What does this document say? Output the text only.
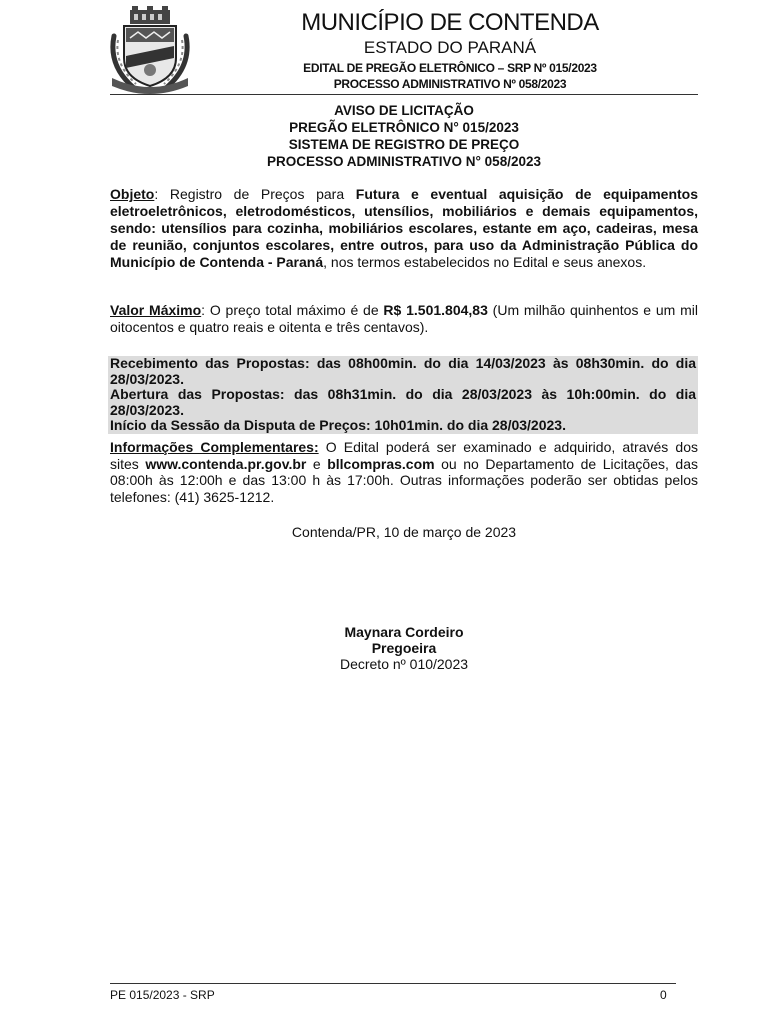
MUNICÍPIO DE CONTENDA
ESTADO DO PARANÁ
EDITAL DE PREGÃO ELETRÔNICO – SRP Nº 015/2023
PROCESSO ADMINISTRATIVO Nº 058/2023
AVISO DE LICITAÇÃO
PREGÃO ELETRÔNICO N° 015/2023
SISTEMA DE REGISTRO DE PREÇO
PROCESSO ADMINISTRATIVO N° 058/2023
Objeto: Registro de Preços para Futura e eventual aquisição de equipamentos eletroeletrônicos, eletrodomésticos, utensílios, mobiliários e demais equipamentos, sendo: utensílios para cozinha, mobiliários escolares, estante em aço, cadeiras, mesa de reunião, conjuntos escolares, entre outros, para uso da Administração Pública do Município de Contenda - Paraná, nos termos estabelecidos no Edital e seus anexos.
Valor Máximo: O preço total máximo é de R$ 1.501.804,83 (Um milhão quinhentos e um mil oitocentos e quatro reais e oitenta e três centavos).
Recebimento das Propostas: das 08h00min. do dia 14/03/2023 às 08h30min. do dia 28/03/2023.
Abertura das Propostas: das 08h31min. do dia 28/03/2023 às 10h:00min. do dia 28/03/2023.
Início da Sessão da Disputa de Preços: 10h01min. do dia 28/03/2023.
Informações Complementares: O Edital poderá ser examinado e adquirido, através dos sites www.contenda.pr.gov.br e bllcompras.com ou no Departamento de Licitações, das 08:00h às 12:00h e das 13:00 h às 17:00h. Outras informações poderão ser obtidas pelos telefones: (41) 3625-1212.
Contenda/PR, 10 de março de 2023
Maynara Cordeiro
Pregoeira
Decreto nº 010/2023
PE 015/2023 - SRP	0
